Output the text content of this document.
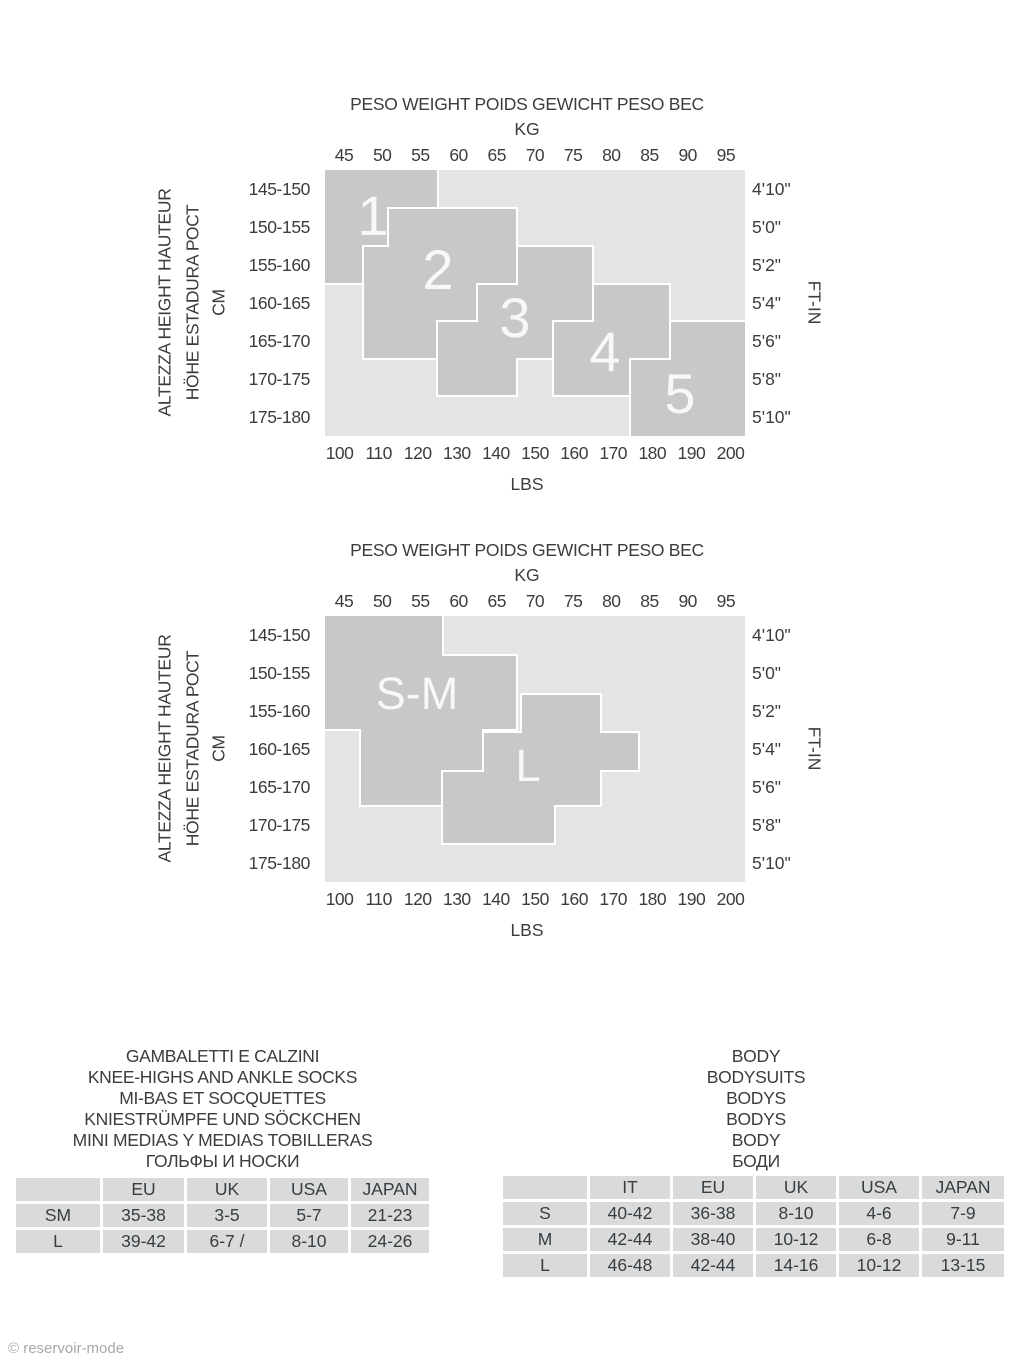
PESO WEIGHT POIDS GEWICHT PESO ВЕС
KG
45	50	55	60	65	70	75	80	85	90	95
ALTEZZA HEIGHT HAUTEUR HÖHE ESTADURA РОСТ CM
145-150
150-155
155-160
160-165
165-170
170-175
175-180
1
2
3
4
5
4'10"
5'0"
5'2"
5'4"
5'6"
5'8"
5'10"
FT-IN
100 110 120 130 140 150 160 170 180 190 200
LBS
PESO WEIGHT POIDS GEWICHT PESO ВЕС
KG
45	50	55	60	65	70	75	80	85	90	95
ALTEZZA HEIGHT HAUTEUR HÖHE ESTADURA РОСТ CM
145-150
150-155
155-160
160-165
165-170
170-175
175-180
S-M
L
4'10"
5'0"
5'2"
5'4"
5'6"
5'8"
5'10"
FT-IN
100 110 120 130 140 150 160 170 180 190 200
LBS
GAMBALETTI E CALZINI
KNEE-HIGHS AND ANKLE SOCKS
MI-BAS ET SOCQUETTES
KNIESTRÜMPFE UND SÖCKCHEN
MINI MEDIAS Y MEDIAS TOBILLERAS
ГОЛЬФЫ И НОСКИ
	EU	UK	USA	JAPAN
SM	35-38	3-5	5-7	21-23
L	39-42	6-7 /	8-10	24-26
BODY
BODYSUITS
BODYS
BODYS
BODY
БОДИ
	IT	EU	UK	USA	JAPAN
S	40-42	36-38	8-10	4-6	7-9
M	42-44	38-40	10-12	6-8	9-11
L	46-48	42-44	14-16	10-12	13-15
© reservoir-mode
